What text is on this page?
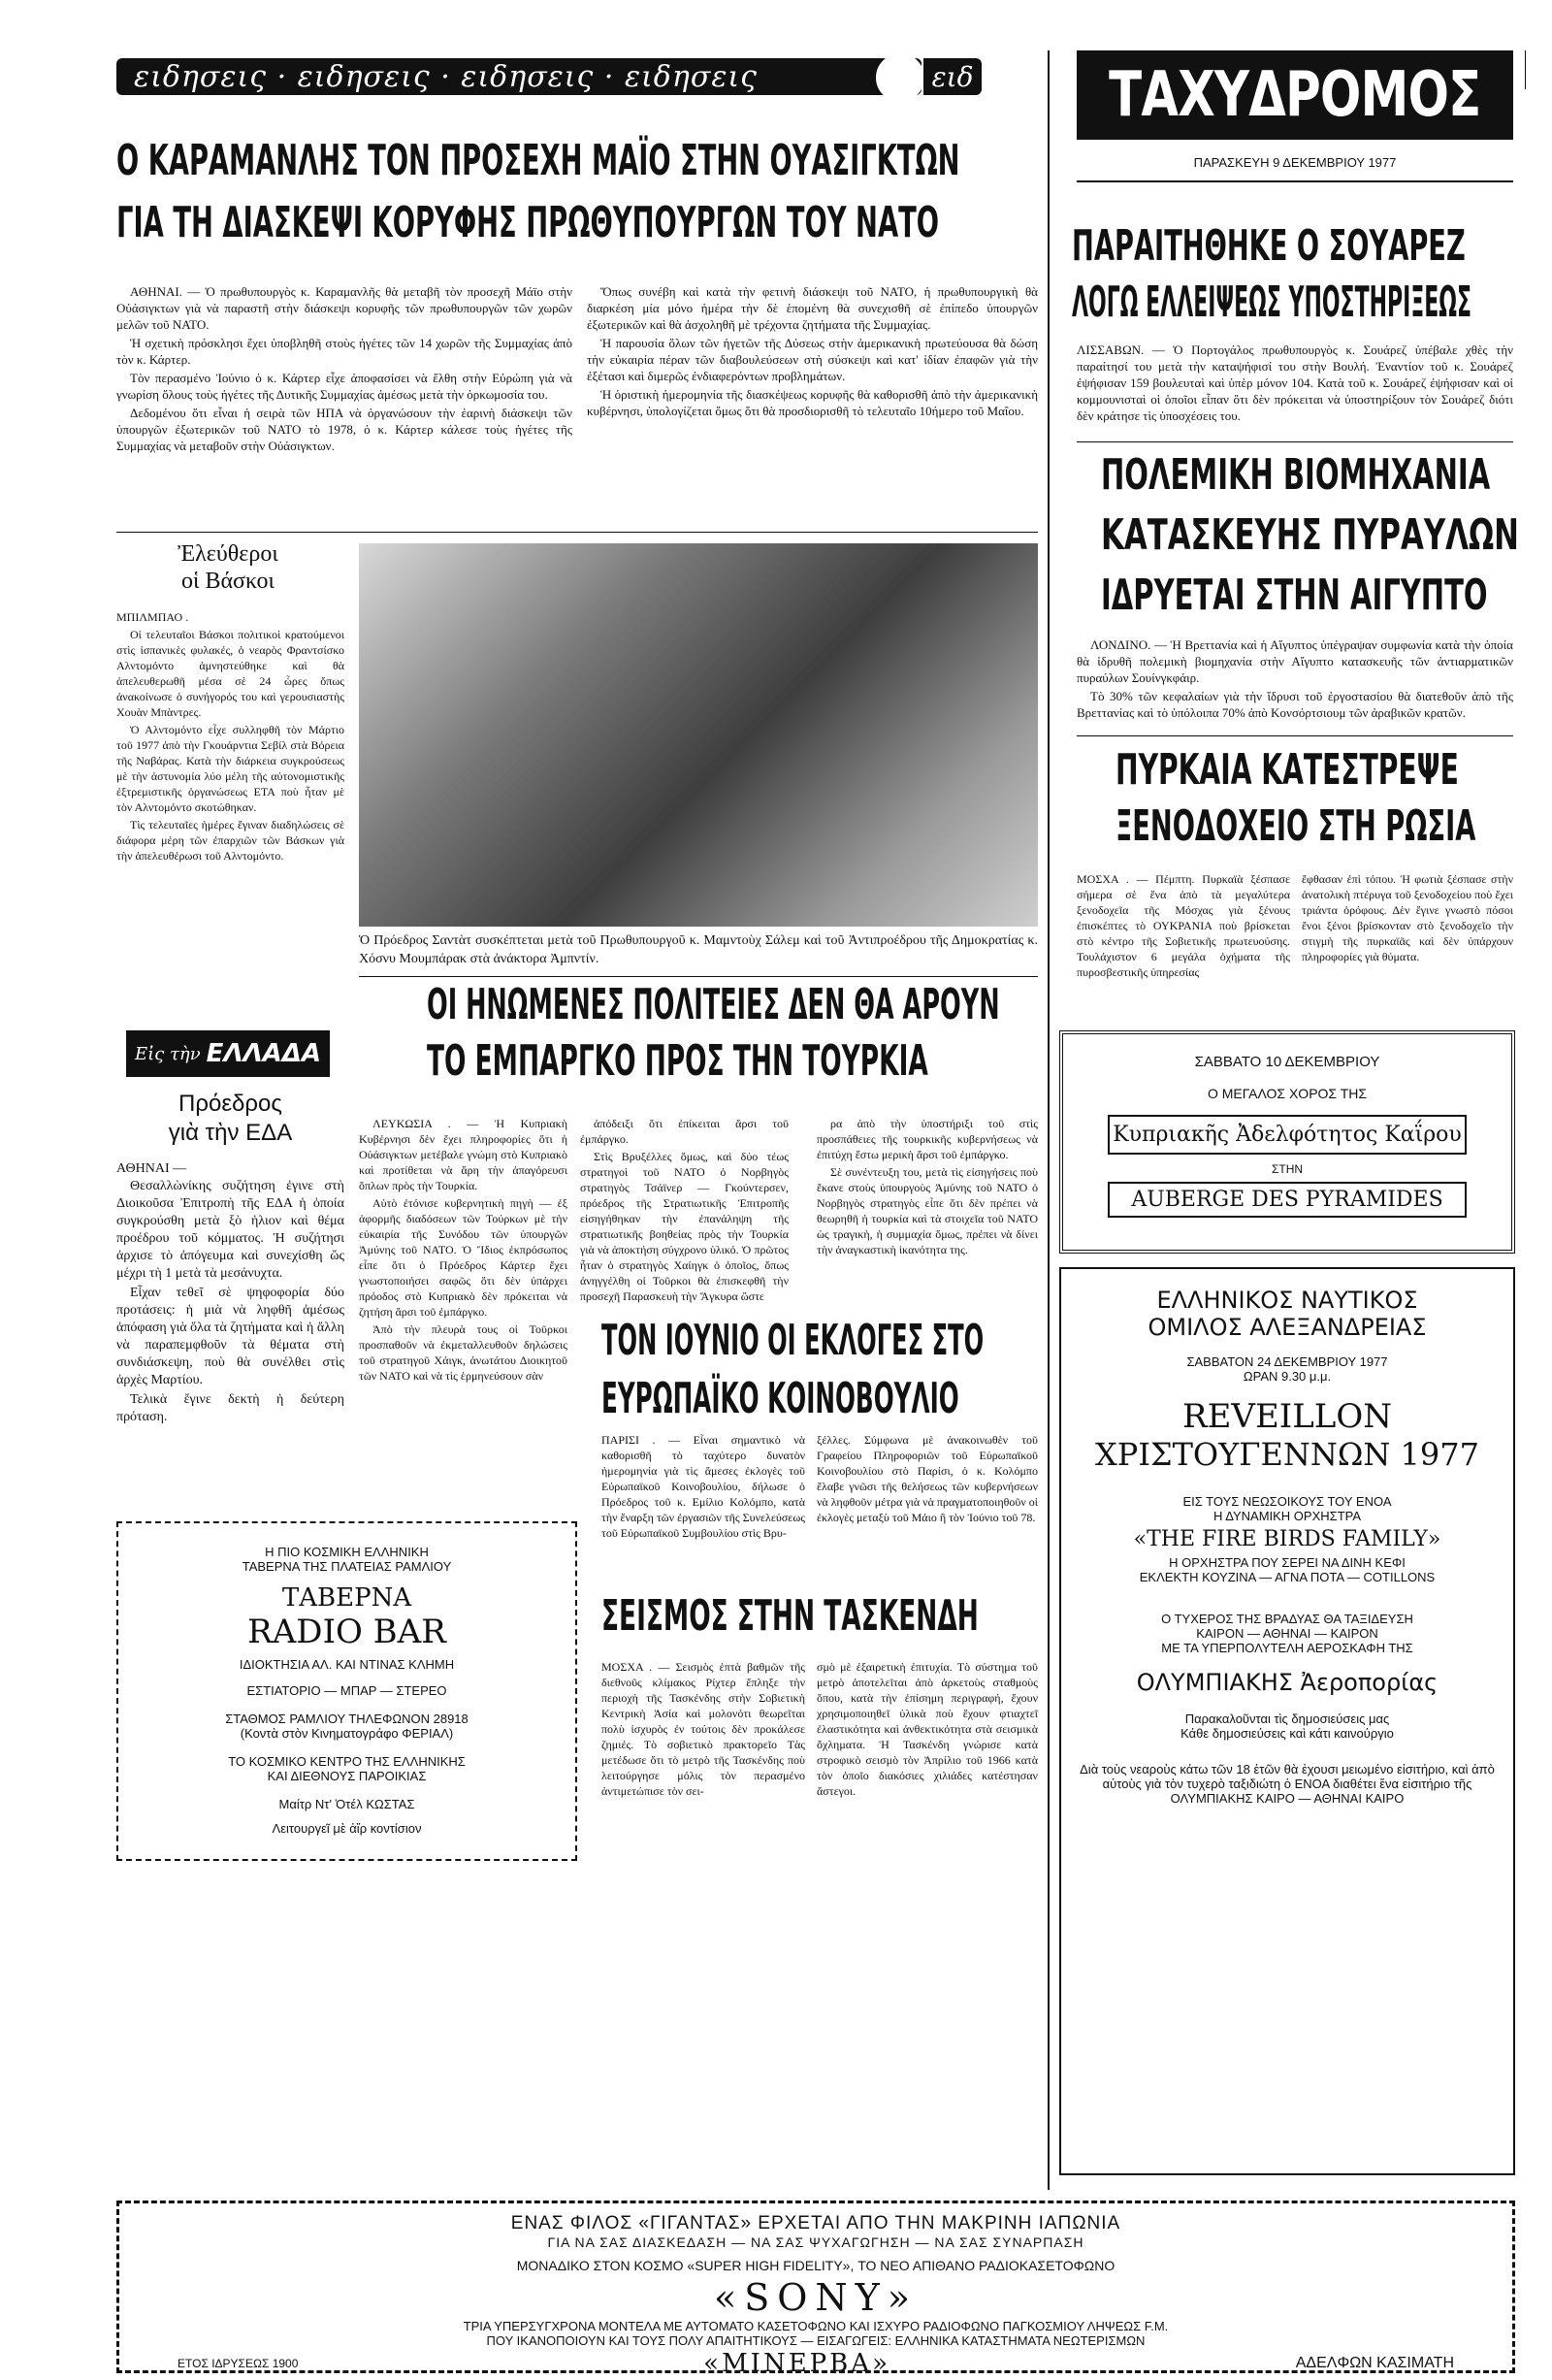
ειδησεις · ειδησεις · ειδησεις · ειδησεις	ειδ ΤΑΧΥΔΡΟΜΟΣ
ΠΑΡΑΣΚΕΥΗ 9 ΔΕΚΕΜΒΡΙΟΥ 1977
Ο ΚΑΡΑΜΑΝΛΗΣ ΤΟΝ ΠΡΟΣΕΧΗ ΜΑΪΟ ΣΤΗΝ ΟΥΑΣΙΓΚΤΩΝ
ΓΙΑ ΤΗ ΔΙΑΣΚΕΨΙ ΚΟΡΥΦΗΣ ΠΡΩΘΥΠΟΥΡΓΩΝ ΤΟΥ ΝΑΤΟ

ΑΘΗΝΑΙ. — Ὁ πρωθυπουργὸς κ. Καραμανλῆς θὰ μεταβῆ τὸν προσεχῆ Μάϊο στὴν Οὐάσιγκτων γιὰ νὰ παραστῆ στὴν διάσκεψι κορυφῆς τῶν πρωθυπουργῶν τῶν χωρῶν μελῶν τοῦ ΝΑΤΟ.

Ἡ σχετικὴ πρόσκλησι ἔχει ὑποβληθῆ στοὺς ἡγέτες τῶν 14 χωρῶν τῆς Συμμαχίας ἀπὸ τὸν κ. Κάρτερ.

Τὸν περασμένο Ἰούνιο ὁ κ. Κάρτερ εἶχε ἀποφασίσει νὰ ἔλθη στὴν Εὐρώπη γιὰ νὰ γνωρίση ὅλους τοὺς ἡγέτες τῆς Δυτικῆς Συμμαχίας ἀμέσως μετὰ τὴν ὁρκωμοσία του.

Δεδομένου ὅτι εἶναι ἡ σειρὰ τῶν ΗΠΑ νὰ ὀργανώσουν τὴν ἐαρινὴ διάσκεψι τῶν ὑπουργῶν ἐξωτερικῶν τοῦ ΝΑΤΟ τὸ 1978, ὁ κ. Κάρτερ κάλεσε τοὺς ἡγέτες τῆς Συμμαχίας νὰ μεταβοῦν στὴν Οὐάσιγκτων.

Ὅπως συνέβη καὶ κατὰ τὴν φετινὴ διάσκεψι τοῦ ΝΑΤΟ, ἡ πρωθυπουργικὴ θὰ διαρκέση μία μόνο ἡμέρα τὴν δὲ ἑπομένη θὰ συνεχισθῆ σὲ ἐπίπεδο ὑπουργῶν ἐξωτερικῶν καὶ θὰ ἀσχοληθῆ μὲ τρέχοντα ζητήματα τῆς Συμμαχίας.

Ἡ παρουσία ὅλων τῶν ἡγετῶν τῆς Δύσεως στὴν ἀμερικανικὴ πρωτεύουσα θὰ δώση τὴν εὐκαιρία πέραν τῶν διαβουλεύσεων στὴ σύσκεψι καὶ κατ' ἰδίαν ἐπαφῶν γιὰ τὴν ἐξέτασι καὶ διμερῶς ἐνδιαφερόντων προβλημάτων.

Ἡ ὁριστικὴ ἡμερομηνία τῆς διασκέψεως κορυφῆς θὰ καθορισθῆ ἀπὸ τὴν ἀμερικανικὴ κυβέρνησι, ὑπολογίζεται ὅμως ὅτι θὰ προσδιορισθῆ τὸ τελευταῖο 10ήμερο τοῦ Μαΐου.

Ἐλεύθεροι
οἱ Βάσκοι
ΜΠΙΛΜΠΑΟ .

Οἱ τελευταῖοι Βάσκοι πολιτικοὶ κρατούμενοι στὶς ἱσπανικὲς φυλακές, ὁ νεαρὸς Φραντσίσκο Αλντομόντο ἀμνηστεύθηκε καὶ θὰ ἀπελευθερωθῆ μέσα σὲ 24 ὧρες ὅπως ἀνακοίνωσε ὁ συνήγορός του καὶ γερουσιαστὴς Χουὰν Μπὰντρες.

Ὁ Αλντομόντο εἶχε συλληφθῆ τὸν Μάρτιο τοῦ 1977 ἀπὸ τὴν Γκουάρντια Σεβίλ στὰ Βόρεια τῆς Ναβάρας. Κατὰ τὴν διάρκεια συγκρούσεως μὲ τὴν ἀστυνομία λύο μέλη τῆς αὐτονομιστικῆς ἐξτρεμιστικῆς ὀργανώσεως ΕΤΑ ποὺ ἦταν μὲ τὸν Αλντομόντο σκοτώθηκαν.

Τὶς τελευταῖες ἡμέρες ἔγιναν διαδηλώσεις σὲ διάφορα μέρη τῶν ἐπαρχιῶν τῶν Βάσκων γιὰ τὴν ἀπελευθέρωσι τοῦ Αλντομόντο.

Ὁ Πρόεδρος Σαντὰτ συσκέπτεται μετὰ τοῦ Πρωθυπουργοῦ κ. Μαμντοὺχ Σάλεμ καὶ τοῦ Ἀντιπροέδρου τῆς Δημοκρατίας κ. Χόσνυ Μουμπάρακ στὰ ἀνάκτορα Ἀμπντίν.
Εἰς τὴν ΕΛΛΑΔΑ
Πρόεδρος
γιὰ τὴν ΕΔΑ
ΑΘΗΝΑΙ —

Θεσαλλὼνίκης συζήτηση ἐγινε στὴ Διοικοῦσα Ἐπιτροπὴ τῆς ΕΔΑ ἡ ὁποία συγκρούσθη μετὰ ξὸ ἡλιον καὶ θέμα προέδρου τοῦ κόμματος. Ἡ συζήτησι ἀρχισε τὸ ἀπόγευμα καὶ συνεχίσθη ὥς μέχρι τὴ 1 μετὰ τὰ μεσάνυχτα.

Εἶχαν τεθεῖ σὲ ψηφοφορία δύο προτάσεις: ἡ μιὰ νὰ ληφθῆ ἀμέσως ἀπόφαση γιὰ ὅλα τὰ ζητήματα καὶ ἡ ἄλλη νὰ παραπεμφθοῦν τὰ θέματα στὴ συνδιάσκεψη, ποὺ θὰ συνέλθει στὶς ἀρχὲς Μαρτίου.

Τελικὰ ἔγινε δεκτὴ ἡ δεύτερη πρόταση.

ΟΙ ΗΝΩΜΕΝΕΣ ΠΟΛΙΤΕΙΕΣ ΔΕΝ ΘΑ ΑΡΟΥΝ
ΤΟ ΕΜΠΑΡΓΚΟ ΠΡΟΣ ΤΗΝ ΤΟΥΡΚΙΑ

ΛΕΥΚΩΣΙΑ . — Ἡ Κυπριακὴ Κυβέρνησι δὲν ἔχει πληροφορίες ὅτι ἡ Οὐάσιγκτων μετέβαλε γνώμη στὸ Κυπριακὸ καὶ προτίθεται νὰ ἄρη τὴν ἀπαγόρευσι ὅπλων πρὸς τὴν Τουρκία.

Αὐτὸ ἐτόνισε κυβερνητικὴ πηγὴ — ἐξ ἀφορμῆς διαδόσεων τῶν Τούρκων μὲ τὴν εὐκαιρία τῆς Συνόδου τῶν ὑπουργῶν Ἀμύνης τοῦ ΝΑΤΟ. Ὁ Ἴδιος ἐκπρόσωπος εἶπε ὅτι ὁ Πρόεδρος Κάρτερ ἔχει γνωστοποιήσει σαφῶς ὅτι δὲν ὑπάρχει πρόοδος στὸ Κυπριακὸ δὲν πρόκειται νὰ ζητήση ἄρσι τοῦ ἐμπάργκο.

Ἀπὸ τὴν πλευρὰ τους οἱ Τοῦρκοι προσπαθοῦν νὰ ἐκμεταλλευθοῦν δηλώσεις τοῦ στρατηγοῦ Χάιγκ, ἀνωτάτου Διοικητοῦ τῶν ΝΑΤΟ καὶ νὰ τὶς ἑρμηνεύσουν σὰν

ἀπόδειξι ὅτι ἐπίκειται ἄρσι τοῦ ἐμπάργκο.

Στὶς Βρυξέλλες ὅμως, καὶ δύο τέως στρατηγοὶ τοῦ ΝΑΤΟ ὁ Νορβηγὸς στρατηγὸς Τσάϊνερ — Γκούντερσεν, πρόεδρος τῆς Στρατιωτικῆς Ἐπιτροπῆς εἰσηγήθηκαν τὴν ἐπανάληψη τῆς στρατιωτικῆς βοηθείας πρὸς τὴν Τουρκία γιὰ νὰ ἀποκτήση σύγχρονο ὑλικό. Ὁ πρῶτος ἦταν ὁ στρατηγὸς Χαίηγκ ὁ ὁποῖος, ὅπως ἀνηγγέλθη οἱ Τοῦρκοι θὰ ἐπισκεφθῆ τὴν προσεχῆ Παρασκευὴ τὴν Ἄγκυρα ὥστε

ρα ἀπὸ τὴν ὑποστήριξι τοῦ στὶς προσπάθειες τῆς τουρκικῆς κυβερνήσεως νὰ ἐπιτύχη ἔστω μερικὴ ἄρσι τοῦ ἐμπάργκο.

Σὲ συνέντευξη του, μετὰ τὶς εἰσηγήσεις ποὺ ἔκανε στοὺς ὑπουργοὺς Ἀμύνης τοῦ ΝΑΤΟ ὁ Νορβηγὸς στρατηγὸς εἶπε ὅτι δὲν πρέπει νὰ θεωρηθῆ ἡ τουρκία καὶ τὰ στοιχεῖα τοῦ ΝΑΤΟ ὡς τραγικὴ, ἡ συμμαχία ὅμως, πρέπει νὰ δίνει τὴν ἀναγκαστικὴ ἱκανότητα της.

ΤΟΝ ΙΟΥΝΙΟ ΟΙ ΕΚΛΟΓΕΣ ΣΤΟ
ΕΥΡΩΠΑΪΚΟ ΚΟΙΝΟΒΟΥΛΙΟ
ΠΑΡΙΣΙ . — Εἶναι σημαντικὸ νὰ καθορισθῆ τὸ ταχύτερο δυνατὸν ἡμερομηνία γιὰ τὶς ἄμεσες ἐκλογὲς τοῦ Εὐρωπαϊκοῦ Κοινοβουλίου, δήλωσε ὁ Πρόεδρος τοῦ κ. Εμίλιο Κολόμπο, κατὰ τὴν ἔναρξη τῶν ἐργασιῶν τῆς Συνελεύσεως τοῦ Εὐρωπαϊκοῦ Συμβουλίου στὶς Βρυ-
ξέλλες. Σύμφωνα μὲ ἀνακοινωθὲν τοῦ Γραφείου Πληροφοριῶν τοῦ Εὐρωπαϊκοῦ Κοινοβουλίου στὸ Παρίσι, ὁ κ. Κολόμπο ἔλαβε γνῶσι τῆς θελήσεως τῶν κυβερνήσεων νὰ ληφθοῦν μέτρα γιὰ νὰ πραγματοποιηθοῦν οἱ ἐκλογὲς μεταξὺ τοῦ Μάιο ἢ τὸν Ἰούνιο τοῦ 78.
ΣΕΙΣΜΟΣ ΣΤΗΝ ΤΑΣΚΕΝΔΗ
ΜΟΣΧΑ . — Σεισμὸς ἑπτὰ βαθμῶν τῆς διεθνοῦς κλίμακος Ρίχτερ ἔπληξε τὴν περιοχὴ τῆς Τασκένδης στὴν Σοβιετικὴ Κεντρικὴ Ἀσία καὶ μολονότι θεωρεῖται πολὺ ἰσχυρὸς ἐν τούτοις δὲν προκάλεσε ζημιές. Τὸ σοβιετικὸ πρακτορεῖο Τὰς μετέδωσε ὅτι τὸ μετρὸ τῆς Τασκένδης ποὺ λειτούργησε μόλις τὸν περασμένο ἀντιμετώπισε τὸν σει-
σμὸ μὲ ἐξαιρετικὴ ἐπιτυχία. Τὸ σύστημα τοῦ μετρὸ ἀποτελεῖται ἀπὸ ἀρκετοὺς σταθμοὺς ὅπου, κατὰ τὴν ἐπίσημη περιγραφή, ἔχουν χρησιμοποιηθεῖ ὑλικὰ ποὺ ἔχουν φτιαχτεῖ ἐλαστικότητα καὶ ἀνθεκτικότητα στὰ σεισμικὰ ὄχληματα. Ἡ Τασκένδη γνώρισε κατὰ στροφικὸ σεισμὸ τὸν Ἀπρίλιο τοῦ 1966 κατὰ τὸν ὁποῖο διακόσιες χιλιάδες κατέστησαν ἄστεγοι.
Η ΠΙΟ ΚΟΣΜΙΚΗ ΕΛΛΗΝΙΚΗ
ΤΑΒΕΡΝΑ ΤΗΣ ΠΛΑΤΕΙΑΣ ΡΑΜΛΙΟΥ
ΤΑΒΕΡΝΑ
RADIO BAR
ΙΔΙΟΚΤΗΣΙΑ ΑΛ. ΚΑΙ ΝΤΙΝΑΣ ΚΛΗΜΗ
ΕΣΤΙΑΤΟΡΙΟ — ΜΠΑΡ — ΣΤΕΡΕΟ
ΣΤΑΘΜΟΣ ΡΑΜΛΙΟΥ ΤΗΛΕΦΩΝΟΝ 28918
(Κοντὰ στὸν Κινηματογράφο ΦΕΡΙΑΛ)
ΤΟ ΚΟΣΜΙΚΟ ΚΕΝΤΡΟ ΤΗΣ ΕΛΛΗΝΙΚΗΣ
ΚΑΙ ΔΙΕΘΝΟΥΣ ΠΑΡΟΙΚΙΑΣ
Μαίτρ Ντ' Ὀτέλ ΚΩΣΤΑΣ
Λειτουργεῖ μὲ ἀἴρ κοντίσιον
ΠΑΡΑΙΤΗΘΗΚΕ Ο ΣΟΥΑΡΕΖ
ΛΟΓΩ ΕΛΛΕΙΨΕΩΣ ΥΠΟΣΤΗΡΙΞΕΩΣ
ΛΙΣΣΑΒΩΝ. — Ὁ Πορτογάλος πρωθυπουργὸς κ. Σουάρεζ ὑπέβαλε χθὲς τὴν παραίτησί του μετὰ τὴν καταψήφισί του στὴν Βουλή. Ἐναντίον τοῦ κ. Σουάρεζ ἐψήφισαν 159 βουλευταὶ καὶ ὑπὲρ μόνον 104. Κατὰ τοῦ κ. Σουάρεζ ἐψήφισαν καὶ οἱ κομμουνισταὶ οἱ ὁποῖοι εἶπαν ὅτι δὲν πρόκειται νὰ ὑποστηρίξουν τὸν Σουάρεζ διότι δὲν κράτησε τὶς ὑποσχέσεις του.
ΠΟΛΕΜΙΚΗ ΒΙΟΜΗΧΑΝΙΑ
ΚΑΤΑΣΚΕΥΗΣ ΠΥΡΑΥΛΩΝ
ΙΔΡΥΕΤΑΙ ΣΤΗΝ ΑΙΓΥΠΤΟ

ΛΟΝΔΙΝΟ. — Ἡ Βρεττανία καὶ ἡ Αἴγυπτος ὑπέγραψαν συμφωνία κατὰ τὴν ὁποία θὰ ἱδρυθῆ πολεμικὴ βιομηχανία στὴν Αἴγυπτο κατασκευῆς τῶν ἀντιαρματικῶν πυραύλων Σουίνγκφάιρ.

Τὸ 30% τῶν κεφαλαίων γιὰ τὴν ἵδρυσι τοῦ ἐργοστασίου θὰ διατεθοῦν ἀπὸ τῆς Βρεττανίας καὶ τὸ ὑπόλοιπα 70% ἀπὸ Κονσόρτσιουμ τῶν ἀραβικῶν κρατῶν.

ΠΥΡΚΑΙΑ ΚΑΤΕΣΤΡΕΨΕ
ΞΕΝΟΔΟΧΕΙΟ ΣΤΗ ΡΩΣΙΑ
ΜΟΣΧΑ . — Πέμπτη. Πυρκαϊὰ ξέσπασε σήμερα σὲ ἕνα ἀπὸ τὰ μεγαλύτερα ξενοδοχεῖα τῆς Μόσχας γιὰ ξένους ἐπισκέπτες τὸ ΟΥΚΡΑΝΙΑ ποὺ βρίσκεται στὸ κέντρο τῆς Σοβιετικῆς πρωτευούσης. Τουλάχιστον 6 μεγάλα ὀχήματα τῆς πυροσβεστικῆς ὑπηρεσίας
ἔφθασαν ἐπὶ τόπου. Ἡ φωτιὰ ξέσπασε στὴν ἀνατολικὴ πτέρυγα τοῦ ξενοδοχείου ποὺ ἔχει τριάντα ὀρόφους. Δὲν ἔγινε γνωστὸ πόσοι ἔνοι ξένοι βρίσκονταν στὸ ξενοδοχεῖο τὴν στιγμὴ τῆς πυρκαϊᾶς καὶ δὲν ὑπάρχουν πληροφορίες γιὰ θύματα.
ΣΑΒΒΑΤΟ 10 ΔΕΚΕΜΒΡΙΟΥ
Ο ΜΕΓΑΛΟΣ ΧΟΡΟΣ ΤΗΣ
Κυπριακῆς Ἀδελφότητος Καΐρου
ΣΤΗΝ
AUBERGE DES PYRAMIDES
ΕΛΛΗΝΙΚΟΣ ΝΑΥΤΙΚΟΣ
ΟΜΙΛΟΣ ΑΛΕΞΑΝΔΡΕΙΑΣ
ΣΑΒΒΑΤΟΝ 24 ΔΕΚΕΜΒΡΙΟΥ 1977
ΩΡΑΝ 9.30 μ.μ.
REVEILLON
ΧΡΙΣΤΟΥΓΕΝΝΩΝ 1977
ΕΙΣ ΤΟΥΣ ΝΕΩΣΟΙΚΟΥΣ ΤΟΥ ΕΝΟΑ
Η ΔΥΝΑΜΙΚΗ ΟΡΧΗΣΤΡΑ
«THE FIRE BIRDS FAMILY»
Η ΟΡΧΗΣΤΡΑ ΠΟΥ ΣΕΡΕΙ ΝΑ ΔΙΝΗ ΚΕΦΙ
ΕΚΛΕΚΤΗ ΚΟΥΖΙΝΑ — ΑΓΝΑ ΠΟΤΑ — COTILLONS
Ο ΤΥΧΕΡΟΣ ΤΗΣ ΒΡΑΔΥΑΣ ΘΑ ΤΑΞΙΔΕΥΣΗ
ΚΑΙΡΟΝ — ΑΘΗΝΑΙ — ΚΑΙΡΟΝ
ΜΕ ΤΑ ΥΠΕΡΠΟΛΥΤΕΛΗ ΑΕΡΟΣΚΑΦΗ ΤΗΣ
ΟΛΥΜΠΙΑΚΗΣ Ἀεροπορίας
Παρακαλοῦνται τὶς δημοσιεύσεις μας
Κάθε δημοσιεύσεις καὶ κάτι καινούργιο
Διὰ τοὺς νεαροὺς κάτω τῶν 18 ἐτῶν θὰ ἐχουσι μειωμένο εἰσιτήριο, καὶ ἀπὸ αὐτοὺς γιὰ τὸν τυχερὸ ταξιδιώτη ὁ ΕΝΟΑ διαθέτει ἕνα εἰσιτήριο τῆς ΟΛΥΜΠΙΑΚΗΣ ΚΑΙΡΟ — ΑΘΗΝΑΙ ΚΑΙΡΟ
ΕΝΑΣ ΦΙΛΟΣ «ΓΙΓΑΝΤΑΣ» ΕΡΧΕΤΑΙ ΑΠΟ ΤΗΝ ΜΑΚΡΙΝΗ ΙΑΠΩΝΙΑ
ΓΙΑ ΝΑ ΣΑΣ ΔΙΑΣΚΕΔΑΣΗ — ΝΑ ΣΑΣ ΨΥΧΑΓΩΓΗΣΗ — ΝΑ ΣΑΣ ΣΥΝΑΡΠΑΣΗ
ΜΟΝΑΔΙΚΟ ΣΤΟΝ ΚΟΣΜΟ «SUPER HIGH FIDELITY», ΤΟ ΝΕΟ ΑΠΙΘΑΝΟ ΡΑΔΙΟΚΑΣΕΤΟΦΩΝΟ
«SONY»
ΤΡΙΑ ΥΠΕΡΣΥΓΧΡΟΝΑ ΜΟΝΤΕΛΑ ΜΕ ΑΥΤΟΜΑΤΟ ΚΑΣΕΤΟΦΩΝΟ ΚΑΙ ΙΣΧΥΡΟ ΡΑΔΙΟΦΩΝΟ ΠΑΓΚΟΣΜΙΟΥ ΛΗΨΕΩΣ F.M.
ΠΟΥ ΙΚΑΝΟΠΟΙΟΥΝ ΚΑΙ ΤΟΥΣ ΠΟΛΥ ΑΠΑΙΤΗΤΙΚΟΥΣ — ΕΙΣΑΓΩΓΕΙΣ: ΕΛΛΗΝΙΚΑ ΚΑΤΑΣΤΗΜΑΤΑ ΝΕΩΤΕΡΙΣΜΩΝ
ΕΤΟΣ ΙΔΡΥΣΕΩΣ 1900	«ΜΙΝΕΡΒΑ»	ΑΔΕΛΦΩΝ ΚΑΣΙΜΑΤΗ
